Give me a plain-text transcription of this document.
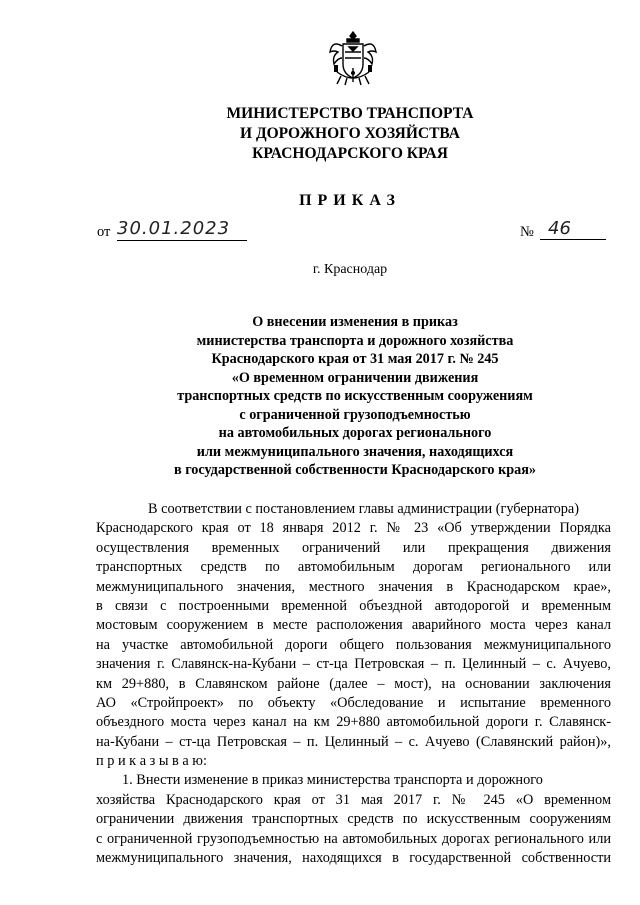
МИНИСТЕРСТВО ТРАНСПОРТА
И ДОРОЖНОГО ХОЗЯЙСТВА
КРАСНОДАРСКОГО КРАЯ
ПРИКАЗ
от 30.01.2023	№ 46
г. Краснодар
О внесении изменения в приказ
министерства транспорта и дорожного хозяйства
Краснодарского края от 31 мая 2017 г. № 245
«О временном ограничении движения
транспортных средств по искусственным сооружениям
с ограниченной грузоподъемностью
на автомобильных дорогах регионального
или межмуниципального значения, находящихся
в государственной собственности Краснодарского края»
В соответствии с постановлением главы администрации (губернатора)
Краснодарского края от 18 января 2012 г. № 23 «Об утверждении Порядка
осуществления временных ограничений или прекращения движения
транспортных средств по автомобильным дорогам регионального или
межмуниципального значения, местного значения в Краснодарском крае»,
в связи с построенными временной объездной автодорогой и временным
мостовым сооружением в месте расположения аварийного моста через канал
на участке автомобильной дороги общего пользования межмуниципального
значения г. Славянск-на-Кубани – ст-ца Петровская – п. Целинный – с. Ачуево,
км 29+880, в Славянском районе (далее – мост), на основании заключения
АО «Стройпроект» по объекту «Обследование и испытание временного
объездного моста через канал на км 29+880 автомобильной дороги г. Славянск-
на-Кубани – ст-ца Петровская – п. Целинный – с. Ачуево (Славянский район)»,
п р и к а з ы в а ю:
1. Внести изменение в приказ министерства транспорта и дорожного
хозяйства Краснодарского края от 31 мая 2017 г. № 245 «О временном
ограничении движения транспортных средств по искусственным сооружениям
с ограниченной грузоподъемностью на автомобильных дорогах регионального или
межмуниципального значения, находящихся в государственной собственности
